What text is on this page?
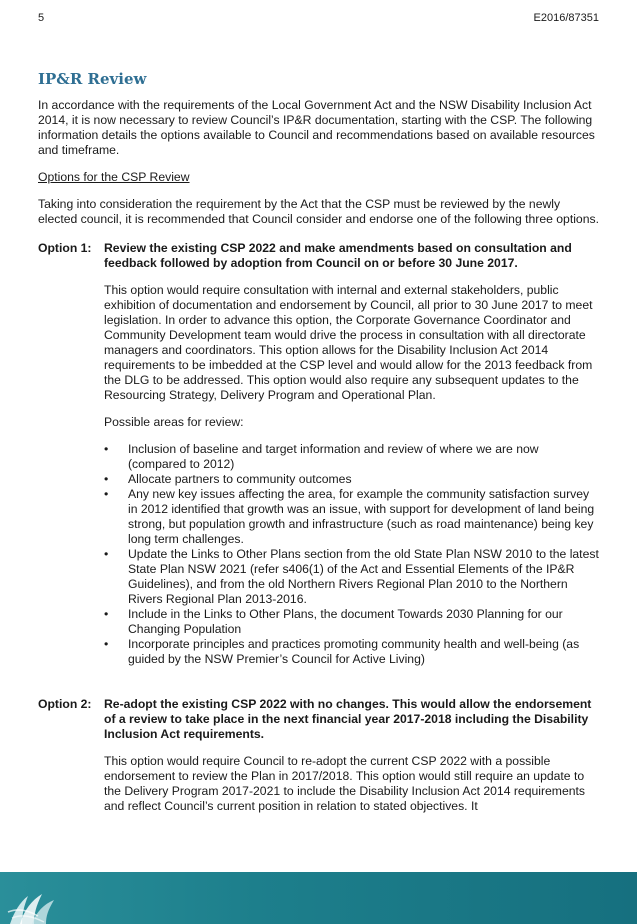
5	E2016/87351
IP&R Review

In accordance with the requirements of the Local Government Act and the NSW Disability Inclusion Act 2014, it is now necessary to review Council’s IP&R documentation, starting with the CSP. The following information details the options available to Council and recommendations based on available resources and timeframe.

Options for the CSP Review

Taking into consideration the requirement by the Act that the CSP must be reviewed by the newly elected council, it is recommended that Council consider and endorse one of the following three options.

Option 1:	Review the existing CSP 2022 and make amendments based on consultation and feedback followed by adoption from Council on or before 30 June 2017.

This option would require consultation with internal and external stakeholders, public exhibition of documentation and endorsement by Council, all prior to 30 June 2017 to meet legislation. In order to advance this option, the Corporate Governance Coordinator and Community Development team would drive the process in consultation with all directorate managers and coordinators. This option allows for the Disability Inclusion Act 2014 requirements to be imbedded at the CSP level and would allow for the 2013 feedback from the DLG to be addressed. This option would also require any subsequent updates to the Resourcing Strategy, Delivery Program and Operational Plan.

Possible areas for review:

• Inclusion of baseline and target information and review of where we are now (compared to 2012)
• Allocate partners to community outcomes
• Any new key issues affecting the area, for example the community satisfaction survey in 2012 identified that growth was an issue, with support for development of land being strong, but population growth and infrastructure (such as road maintenance) being key long term challenges.
• Update the Links to Other Plans section from the old State Plan NSW 2010 to the latest State Plan NSW 2021 (refer s406(1) of the Act and Essential Elements of the IP&R Guidelines), and from the old Northern Rivers Regional Plan 2010 to the Northern Rivers Regional Plan 2013-2016.
• Include in the Links to Other Plans, the document Towards 2030 Planning for our Changing Population
• Incorporate principles and practices promoting community health and well-being (as guided by the NSW Premier’s Council for Active Living)
Option 2:	Re-adopt the existing CSP 2022 with no changes. This would allow the endorsement of a review to take place in the next financial year 2017-2018 including the Disability Inclusion Act requirements.

This option would require Council to re-adopt the current CSP 2022 with a possible endorsement to review the Plan in 2017/2018. This option would still require an update to the Delivery Program 2017-2021 to include the Disability Inclusion Act 2014 requirements and reflect Council’s current position in relation to stated objectives. It
